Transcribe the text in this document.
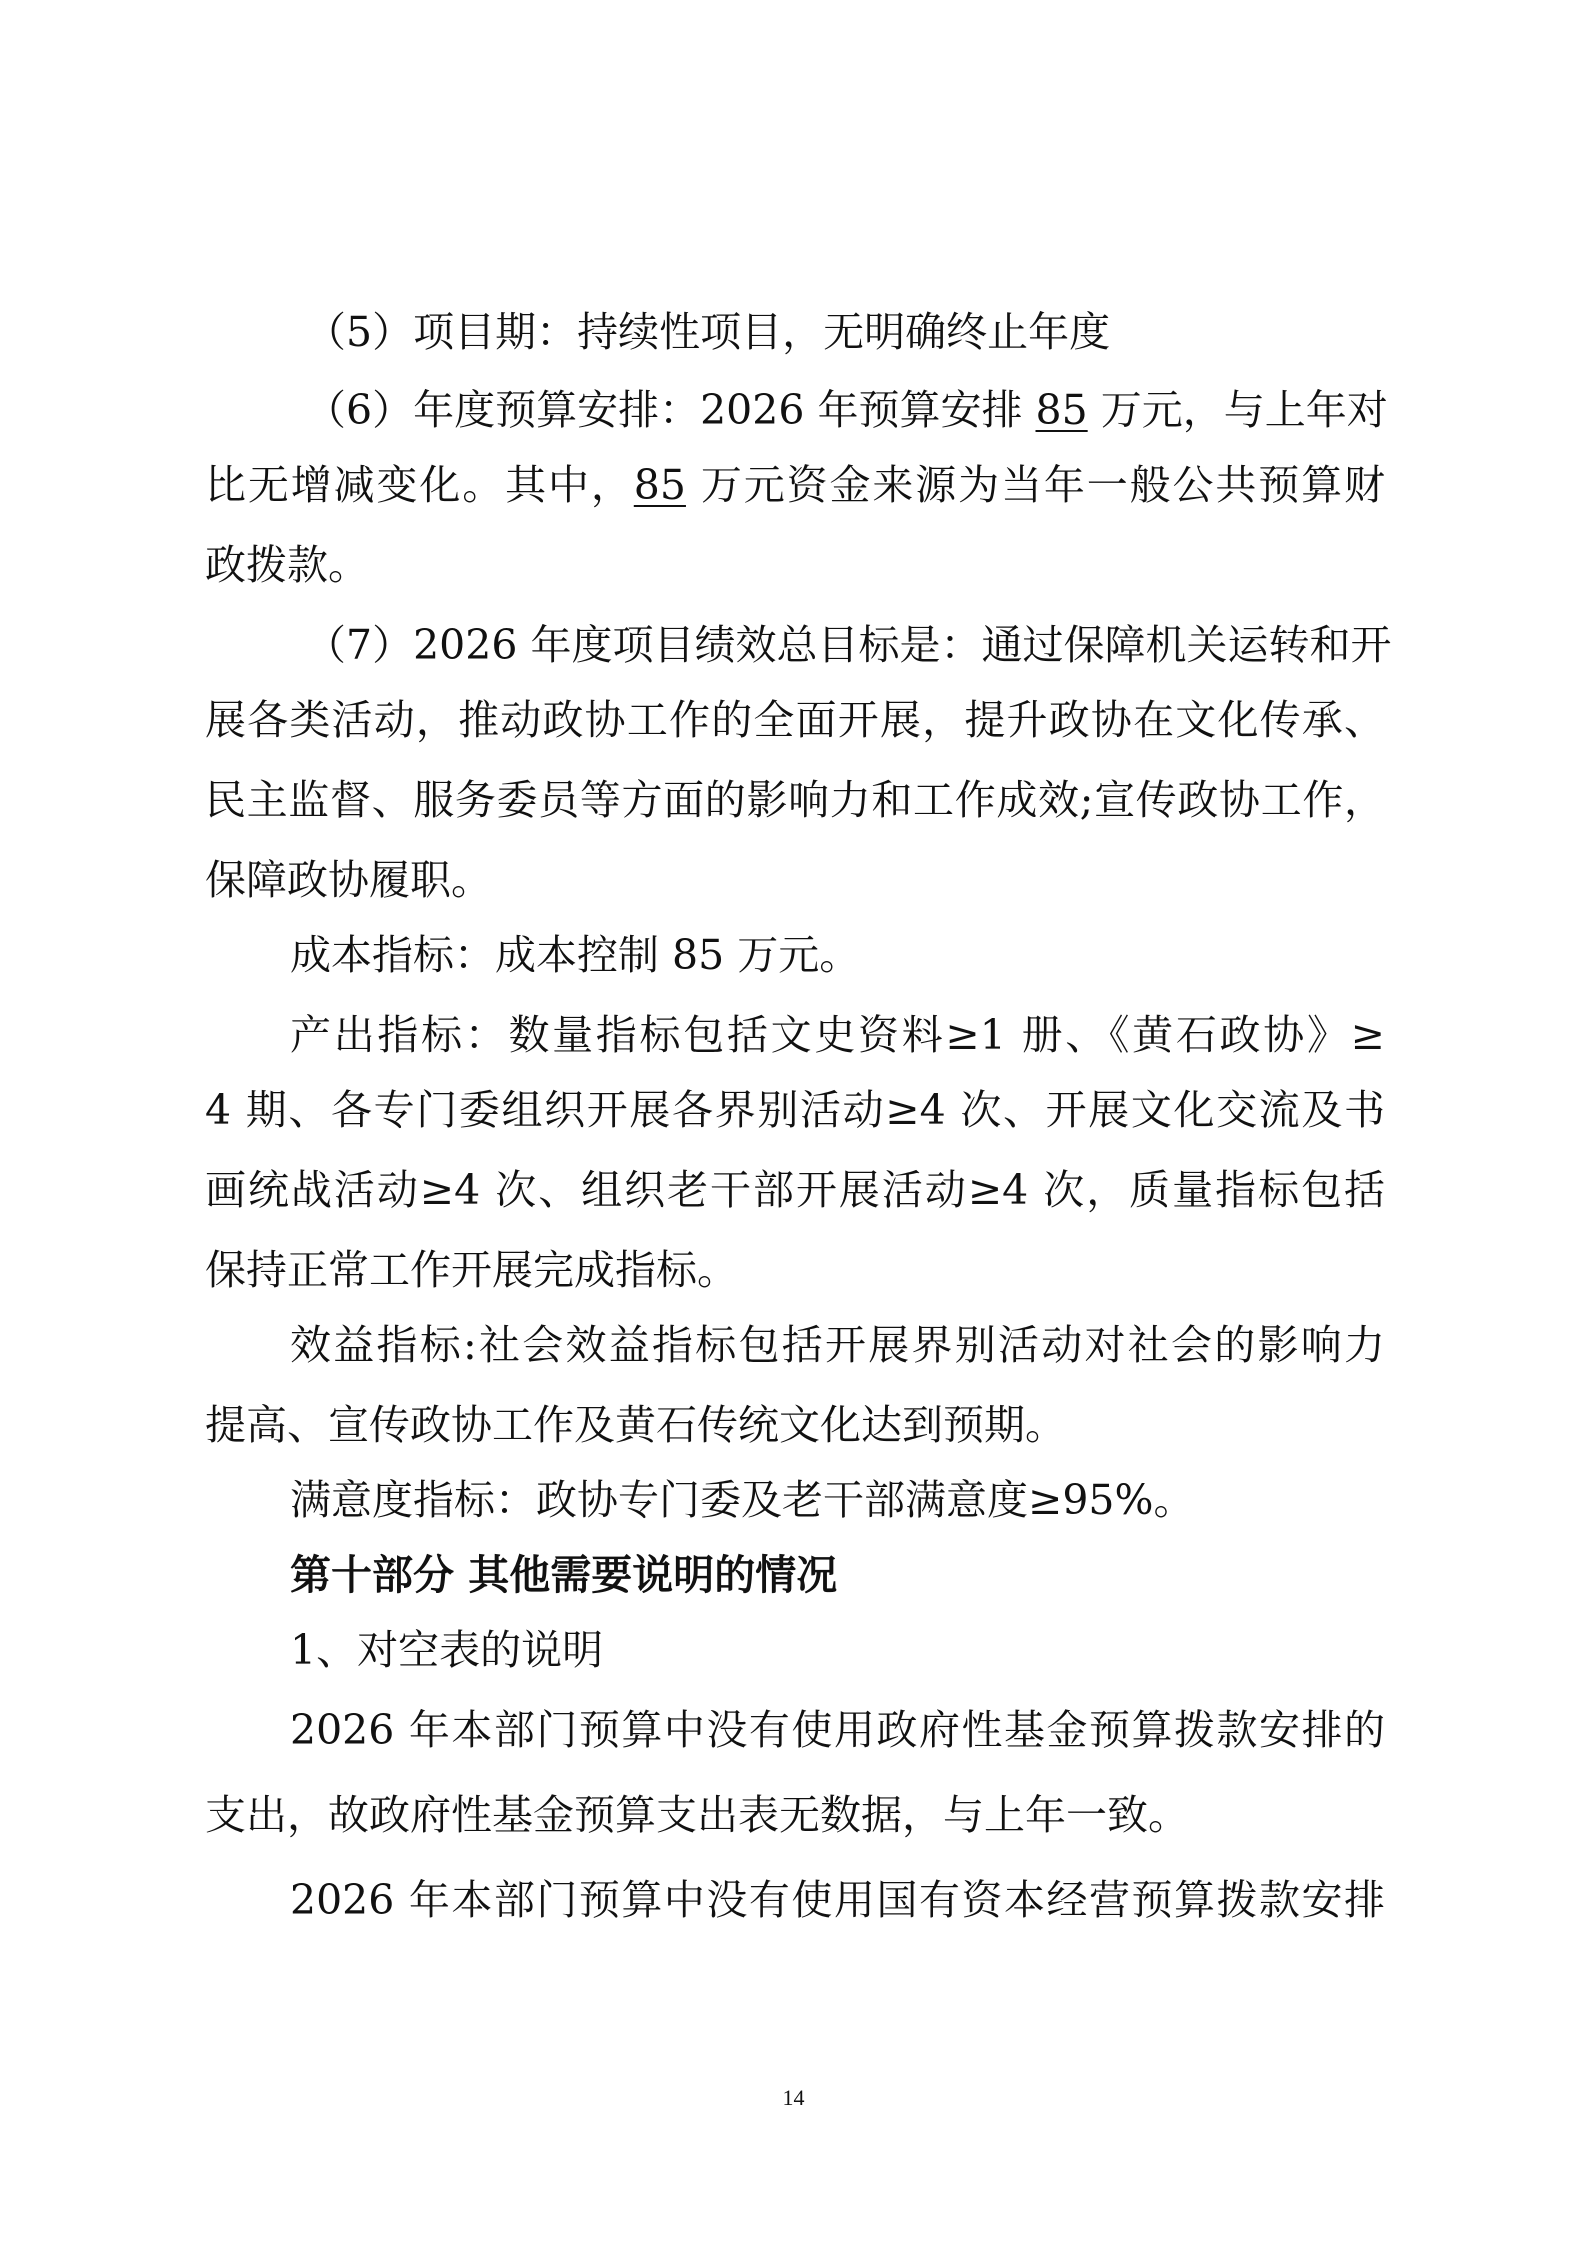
（5）项目期：持续性项目，无明确终止年度
（6）年度预算安排：2026 年预算安排 85 万元，与上年对
比无增减变化。其中，85 万元资金来源为当年一般公共预算财
政拨款。
（7）2026 年度项目绩效总目标是：通过保障机关运转和开
展各类活动，推动政协工作的全面开展，提升政协在文化传承、
民主监督、服务委员等方面的影响力和工作成效;宣传政协工作，
保障政协履职。
成本指标：成本控制 85 万元。
产出指标：数量指标包括文史资料≥1 册、《黄石政协》≥
4 期、各专门委组织开展各界别活动≥4 次、开展文化交流及书
画统战活动≥4 次、组织老干部开展活动≥4 次，质量指标包括
保持正常工作开展完成指标。
效益指标:社会效益指标包括开展界别活动对社会的影响力
提高、宣传政协工作及黄石传统文化达到预期。
满意度指标：政协专门委及老干部满意度≥95%。
第十部分 其他需要说明的情况
1、对空表的说明
2026 年本部门预算中没有使用政府性基金预算拨款安排的
支出，故政府性基金预算支出表无数据，与上年一致。
2026 年本部门预算中没有使用国有资本经营预算拨款安排
14
